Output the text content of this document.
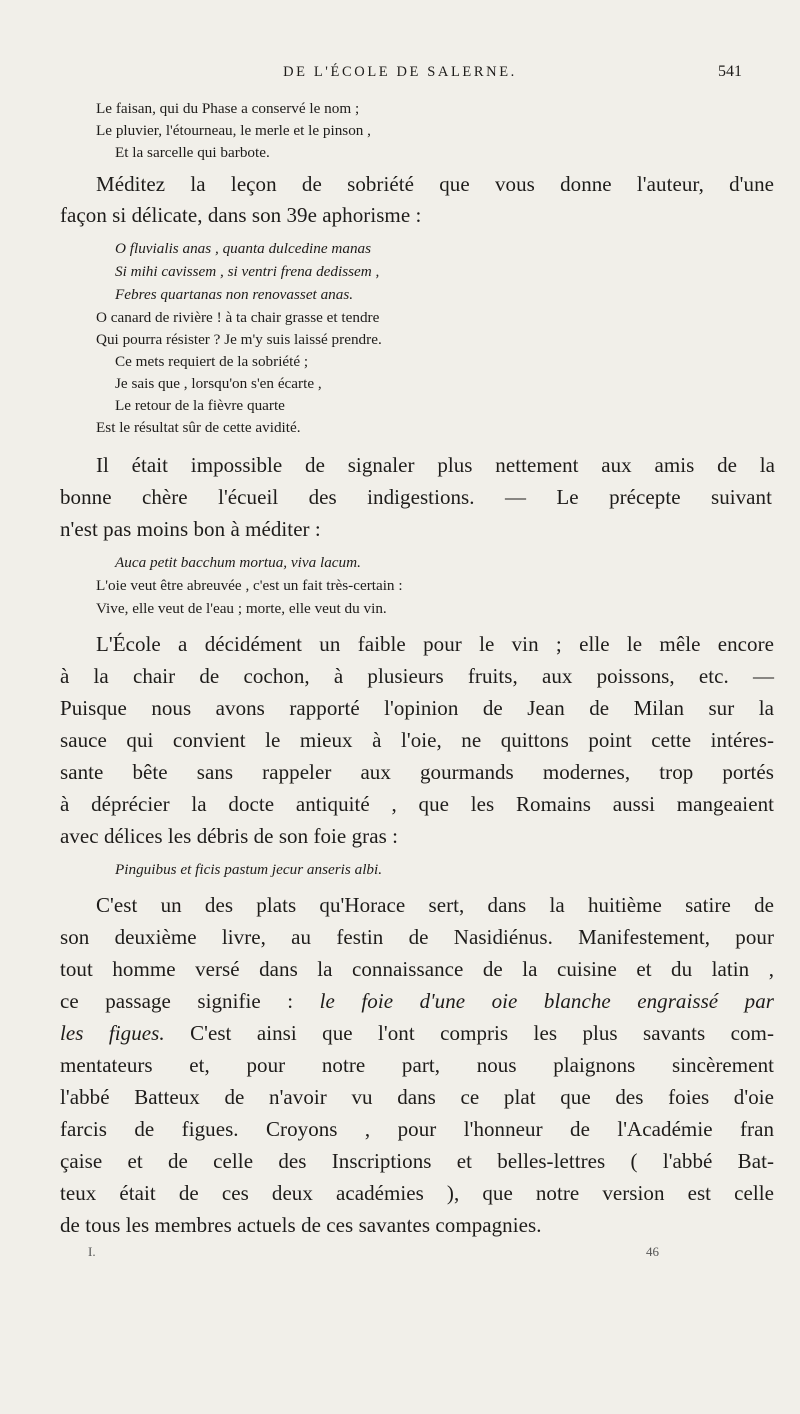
DE L'ÉCOLE DE SALERNE.	541
Le faisan, qui du Phase a conservé le nom ;
Le pluvier, l'étourneau, le merle et le pinson ,
Et la sarcelle qui barbote.
Méditez la leçon de sobriété que vous donne l'auteur, d'une
façon si délicate, dans son 39e aphorisme :
O fluvialis anas , quanta dulcedine manas
Si mihi cavissem , si ventri frena dedissem ,
Febres quartanas non renovasset anas.
O canard de rivière ! à ta chair grasse et tendre
Qui pourra résister ? Je m'y suis laissé prendre.
Ce mets requiert de la sobriété ;
Je sais que , lorsqu'on s'en écarte ,
Le retour de la fièvre quarte
Est le résultat sûr de cette avidité.
Il était impossible de signaler plus nettement aux amis de la
bonne chère l'écueil des indigestions. — Le précepte suivant
n'est pas moins bon à méditer :
Auca petit bacchum mortua, viva lacum.
L'oie veut être abreuvée , c'est un fait très-certain :
Vive, elle veut de l'eau ; morte, elle veut du vin.
L'École a décidément un faible pour le vin ; elle le mêle encore
à la chair de cochon, à plusieurs fruits, aux poissons, etc. —
Puisque nous avons rapporté l'opinion de Jean de Milan sur la
sauce qui convient le mieux à l'oie, ne quittons point cette intéres-
sante bête sans rappeler aux gourmands modernes, trop portés
à déprécier la docte antiquité , que les Romains aussi mangeaient
avec délices les débris de son foie gras :
Pinguibus et ficis pastum jecur anseris albi.
C'est un des plats qu'Horace sert, dans la huitième satire de
son deuxième livre, au festin de Nasidiénus. Manifestement, pour
tout homme versé dans la connaissance de la cuisine et du latin ,
ce passage signifie : le foie d'une oie blanche engraissé par
les figues. C'est ainsi que l'ont compris les plus savants com-
mentateurs et, pour notre part, nous plaignons sincèrement
l'abbé Batteux de n'avoir vu dans ce plat que des foies d'oie
farcis de figues. Croyons , pour l'honneur de l'Académie fran
çaise et de celle des Inscriptions et belles-lettres ( l'abbé Bat-
teux était de ces deux académies ), que notre version est celle
de tous les membres actuels de ces savantes compagnies.
I.	46
